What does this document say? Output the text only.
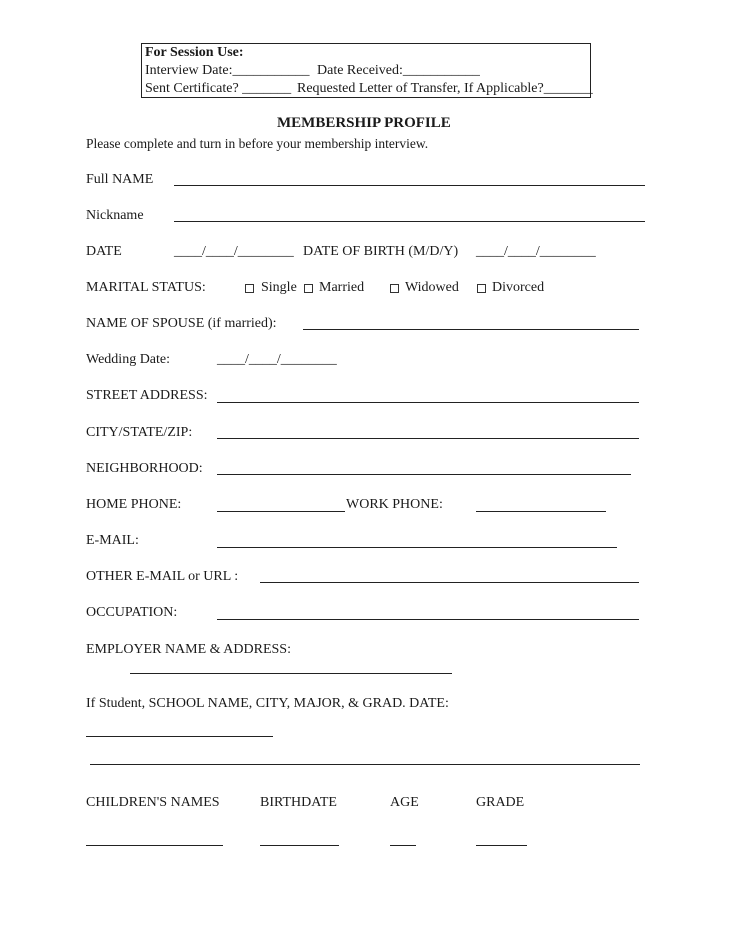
For Session Use:
Interview Date:___________ Date Received:___________
Sent Certificate? _______ Requested Letter of Transfer, If Applicable?_______
MEMBERSHIP PROFILE
Please complete and turn in before your membership interview.
Full NAME
Nickname
DATE	____/____/________ DATE OF BIRTH (M/D/Y) ____/____/________
MARITAL STATUS:	Single Married	Widowed Divorced
NAME OF SPOUSE (if married):
Wedding Date:	____/____/________
STREET ADDRESS:
CITY/STATE/ZIP:
NEIGHBORHOOD:
HOME PHONE:	WORK PHONE:
E-MAIL:
OTHER E-MAIL or URL :
OCCUPATION:
EMPLOYER NAME & ADDRESS:
If Student, SCHOOL NAME, CITY, MAJOR, & GRAD. DATE:
CHILDREN'S NAMES	BIRTHDATE	AGE	GRADE
